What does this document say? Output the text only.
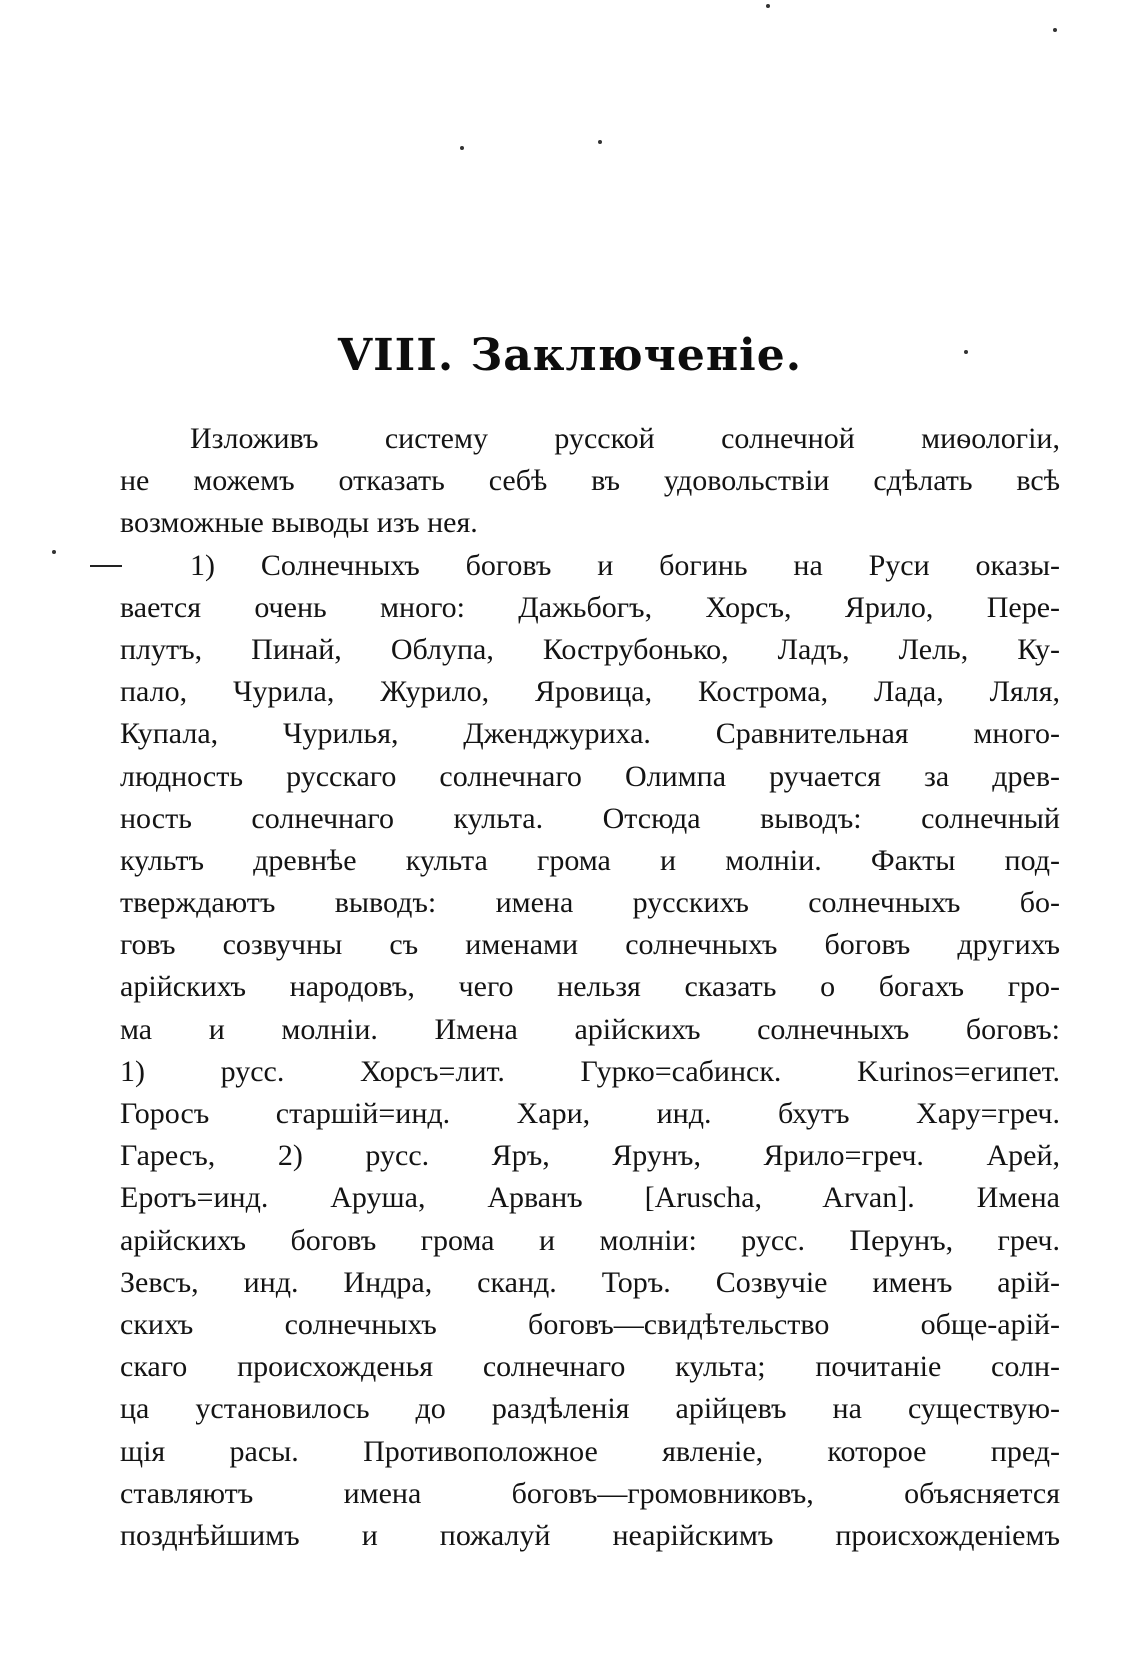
VIII. Заключеніе.
Изложивъ систему русской солнечной миѳологіи,
не можемъ отказать себѣ въ удовольствіи сдѣлать всѣ
возможные выводы изъ нея.
1) Солнечныхъ боговъ и богинь на Руси оказы-
вается очень много: Дажьбогъ, Хорсъ, Ярило, Пере-
плутъ, Пинай, Облупа, Кострубонько, Ладъ, Лель, Ку-
пало, Чурила, Журило, Яровица, Кострома, Лада, Ляля,
Купала, Чурилья, Дженджуриха. Сравнительная много-
людность русскаго солнечнаго Олимпа ручается за древ-
ность солнечнаго культа. Отсюда выводъ: солнечный
культъ древнѣе культа грома и молніи. Факты под-
тверждаютъ выводъ: имена русскихъ солнечныхъ бо-
говъ созвучны съ именами солнечныхъ боговъ другихъ
арійскихъ народовъ, чего нельзя сказать о богахъ гро-
ма и молніи. Имена арійскихъ солнечныхъ боговъ:
1) русс. Хорсъ=лит. Гурко=сабинск. Kurinos=египет.
Горосъ старшій=инд. Хари, инд. бхутъ Хару=греч.
Гаресъ, 2) русс. Яръ, Ярунъ, Ярило=греч. Арей,
Еротъ=инд. Аруша, Арванъ [Aruscha, Arvan]. Имена
арійскихъ боговъ грома и молніи: русс. Перунъ, греч.
Зевсъ, инд. Индра, сканд. Торъ. Созвучіе именъ арій-
скихъ солнечныхъ боговъ—свидѣтельство обще-арій-
скаго происхожденья солнечнаго культа; почитаніе солн-
ца установилось до раздѣленія арійцевъ на существую-
щія расы. Противоположное явленіе, которое пред-
ставляютъ имена боговъ—громовниковъ, объясняется
позднѣйшимъ и пожалуй неарійскимъ происхожденіемъ
